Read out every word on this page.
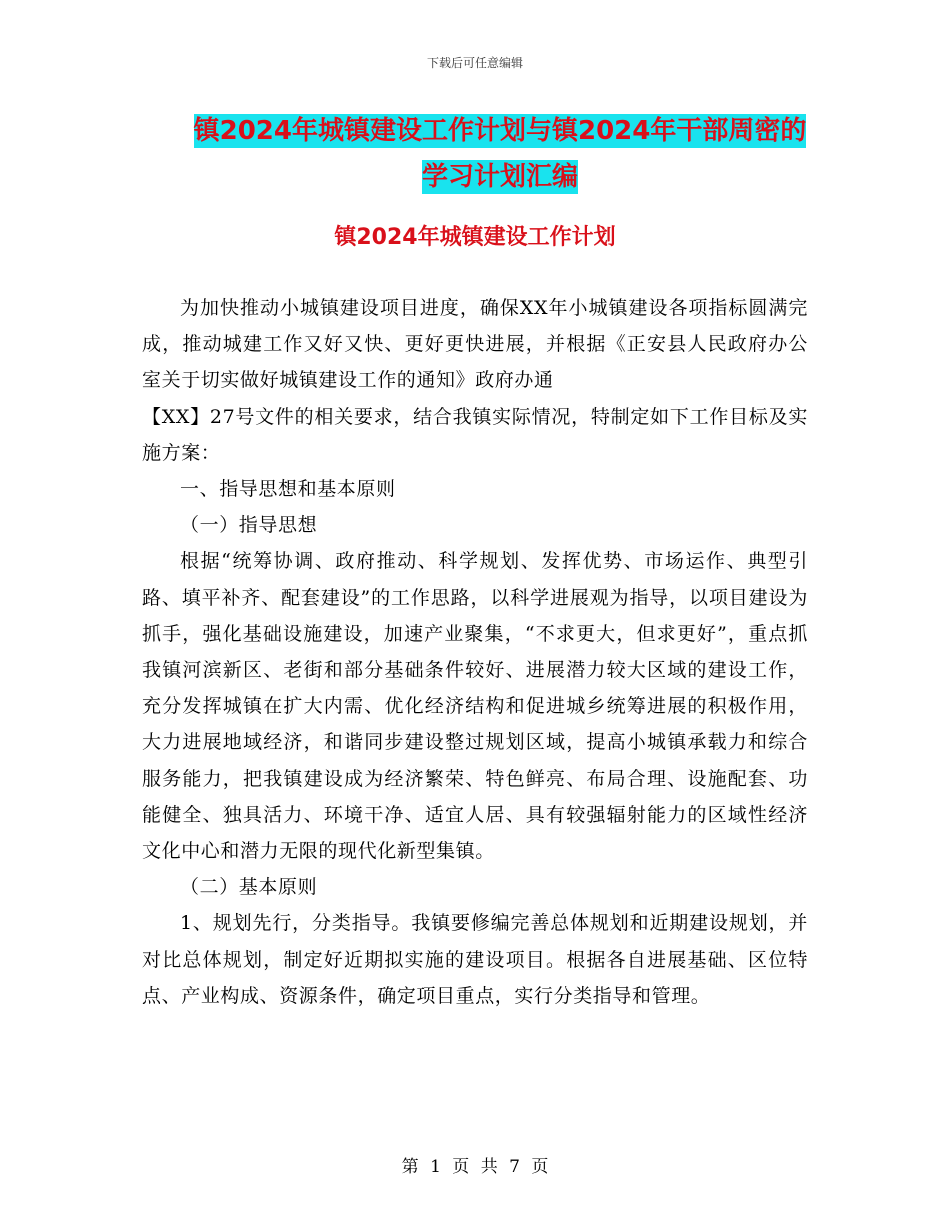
下载后可任意编辑
镇2024年城镇建设工作计划与镇2024年干部周密的
学习计划汇编
镇2024年城镇建设工作计划

为加快推动小城镇建设项目进度，确保XX年小城镇建设各项指标圆满完成，推动城建工作又好又快、更好更快进展，并根据《正安县人民政府办公室关于切实做好城镇建设工作的通知》政府办通

【XX】27号文件的相关要求，结合我镇实际情况，特制定如下工作目标及实施方案：

一、指导思想和基本原则

（一）指导思想

根据“统筹协调、政府推动、科学规划、发挥优势、市场运作、典型引路、填平补齐、配套建设”的工作思路，以科学进展观为指导，以项目建设为抓手，强化基础设施建设，加速产业聚集，“不求更大，但求更好”，重点抓我镇河滨新区、老街和部分基础条件较好、进展潜力较大区域的建设工作，充分发挥城镇在扩大内需、优化经济结构和促进城乡统筹进展的积极作用，大力进展地域经济，和谐同步建设整过规划区域，提高小城镇承载力和综合服务能力，把我镇建设成为经济繁荣、特色鲜亮、布局合理、设施配套、功能健全、独具活力、环境干净、适宜人居、具有较强辐射能力的区域性经济文化中心和潜力无限的现代化新型集镇。

（二）基本原则

1、规划先行，分类指导。我镇要修编完善总体规划和近期建设规划，并对比总体规划，制定好近期拟实施的建设项目。根据各自进展基础、区位特点、产业构成、资源条件，确定项目重点，实行分类指导和管理。

第 1 页 共 7 页
